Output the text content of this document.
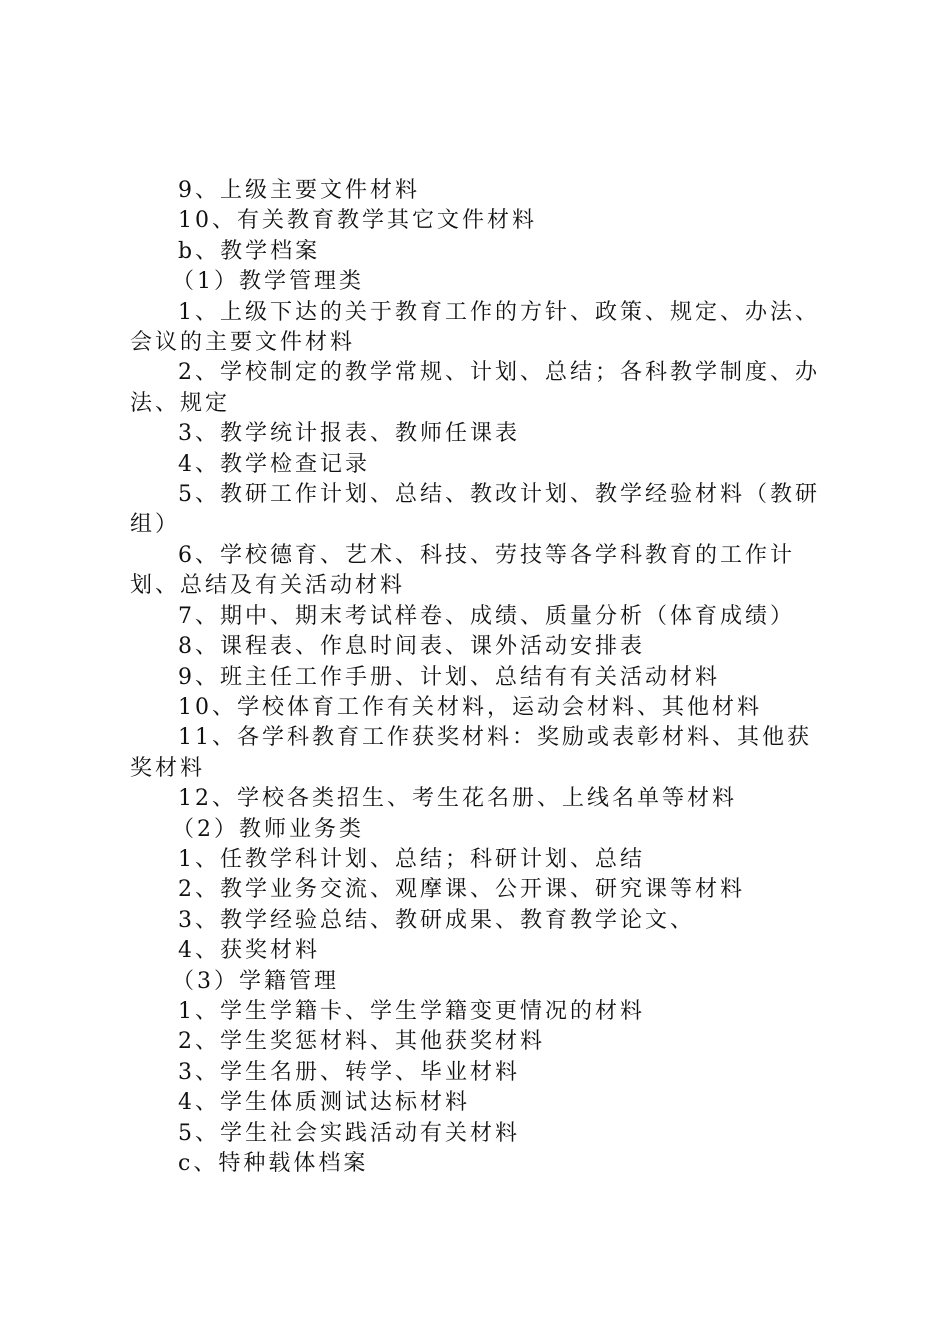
9、上级主要文件材料

10、有关教育教学其它文件材料

b、教学档案

（1）教学管理类

1、上级下达的关于教育工作的方针、政策、规定、办法、会议的主要文件材料

2、学校制定的教学常规、计划、总结；各科教学制度、办法、规定

3、教学统计报表、教师任课表

4、教学检查记录

5、教研工作计划、总结、教改计划、教学经验材料（教研组）

6、学校德育、艺术、科技、劳技等各学科教育的工作计划、总结及有关活动材料

7、期中、期末考试样卷、成绩、质量分析（体育成绩）

8、课程表、作息时间表、课外活动安排表

9、班主任工作手册、计划、总结有有关活动材料

10、学校体育工作有关材料，运动会材料、其他材料

11、各学科教育工作获奖材料：奖励或表彰材料、其他获奖材料

12、学校各类招生、考生花名册、上线名单等材料

（2）教师业务类

1、任教学科计划、总结；科研计划、总结

2、教学业务交流、观摩课、公开课、研究课等材料

3、教学经验总结、教研成果、教育教学论文、

4、获奖材料

（3）学籍管理

1、学生学籍卡、学生学籍变更情况的材料

2、学生奖惩材料、其他获奖材料

3、学生名册、转学、毕业材料

4、学生体质测试达标材料

5、学生社会实践活动有关材料

c、特种载体档案
